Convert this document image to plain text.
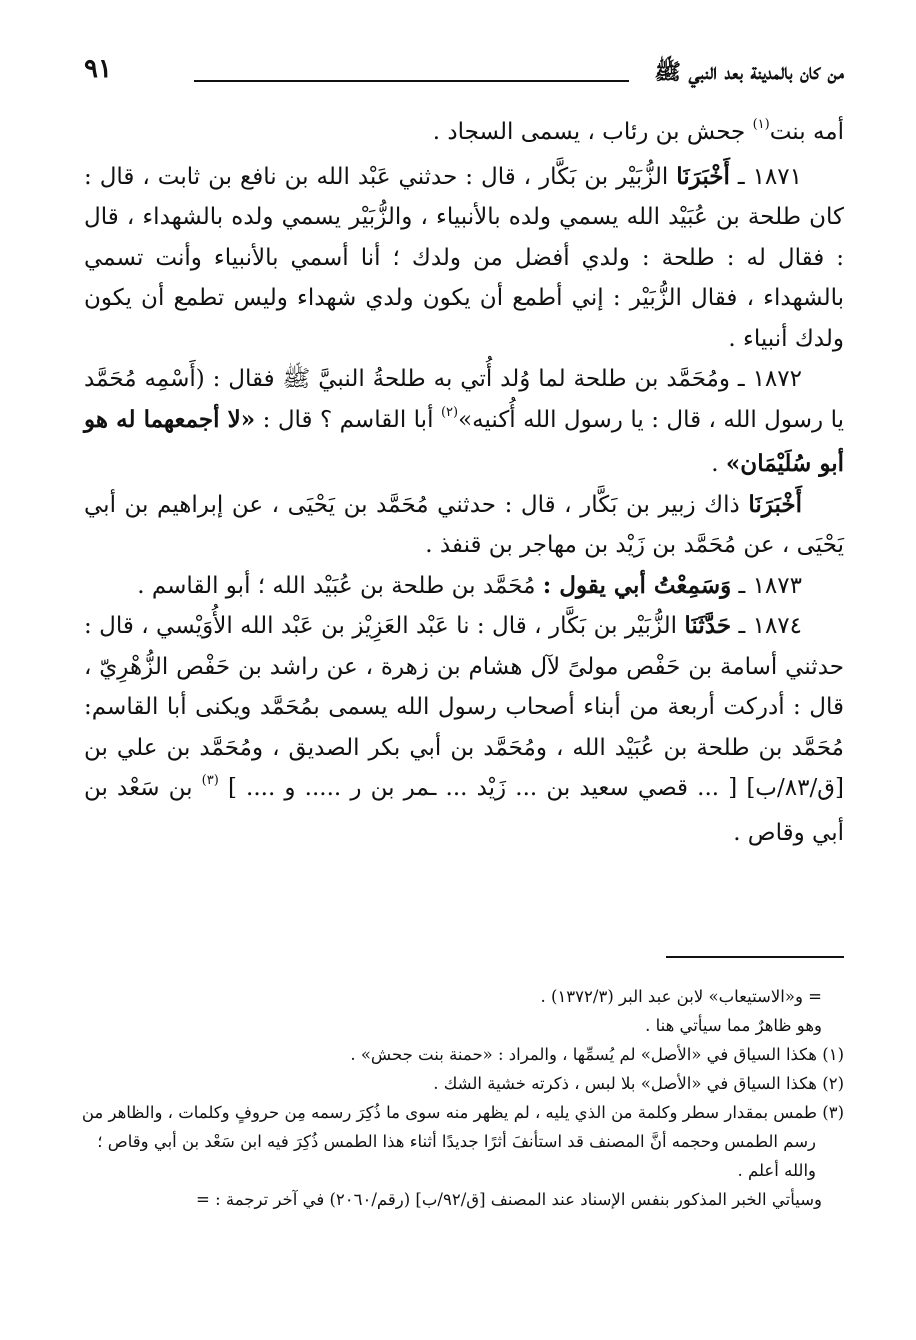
من كان بالمدينة بعد النبي ﷺ
٩١

أمه بنت$^{(١)}$ جحش بن رئاب ، يسمى السجاد .

١٨٧١ ـ أَخْبَرَنَا الزُّبَيْر بن بَكَّار ، قال : حدثني عَبْد الله بن نافع بن ثابت ، قال : كان طلحة بن عُبَيْد الله يسمي ولده بالأنبياء ، والزُّبَيْر يسمي ولده بالشهداء ، قال : فقال له : طلحة : ولدي أفضل من ولدك ؛ أنا أسمي بالأنبياء وأنت تسمي بالشهداء ، فقال الزُّبَيْر : إني أطمع أن يكون ولدي شهداء وليس تطمع أن يكون ولدك أنبياء .

١٨٧٢ ـ ومُحَمَّد بن طلحة لما وُلد أُتي به طلحةُ النبيَّ ﷺ فقال : (أَسْمِه مُحَمَّد يا رسول الله ، قال : يا رسول الله أُكنيه»$^{(٢)}$ أبا القاسم ؟ قال : «لا أجمعهما له هو أبو سُلَيْمَان» .

أَخْبَرَنَا ذاك زبير بن بَكَّار ، قال : حدثني مُحَمَّد بن يَحْيَى ، عن إبراهيم بن أبي يَحْيَى ، عن مُحَمَّد بن زَيْد بن مهاجر بن قنفذ .

١٨٧٣ ـ وَسَمِعْتُ أبي يقول : مُحَمَّد بن طلحة بن عُبَيْد الله ؛ أبو القاسم .

١٨٧٤ ـ حَدَّثَنَا الزُّبَيْر بن بَكَّار ، قال : نا عَبْد العَزِيْز بن عَبْد الله الأُوَيْسي ، قال : حدثني أسامة بن حَفْص مولىً لآل هشام بن زهرة ، عن راشد بن حَفْص الزُّهْرِيّ ، قال : أدركت أربعة من أبناء أصحاب رسول الله يسمى بمُحَمَّد ويكنى أبا القاسم: مُحَمَّد بن طلحة بن عُبَيْد الله ، ومُحَمَّد بن أبي بكر الصديق ، ومُحَمَّد بن علي بن [ق/٨٣/ب] [ ... قصي سعيد بن ... زَيْد ... ـمر بن ر ..... و .... ] $^{(٣)}$ بن سَعْد بن أبي وقاص .

= و«الاستيعاب» لابن عبد البر (١٣٧٢/٣) .

وهو ظاهرٌ مما سيأتي هنا .

(١) هكذا السياق في «الأصل» لم يُسمِّها ، والمراد : «حمنة بنت جحش» .

(٢) هكذا السياق في «الأصل» بلا لبس ، ذكرته خشية الشك .

(٣) طمس بمقدار سطر وكلمة من الذي يليه ، لم يظهر منه سوى ما ذُكِرَ رسمه مِن حروفٍ وكلمات ، والظاهر من رسم الطمس وحجمه أنَّ المصنف قد استأنفَ أثرًا جديدًا أثناء هذا الطمس ذُكِرَ فيه ابن سَعْد بن أبي وقاص ؛ والله أعلم .

وسيأتي الخبر المذكور بنفس الإسناد عند المصنف [ق/٩٢/ب] (رقم/٢٠٦٠) في آخر ترجمة : =
